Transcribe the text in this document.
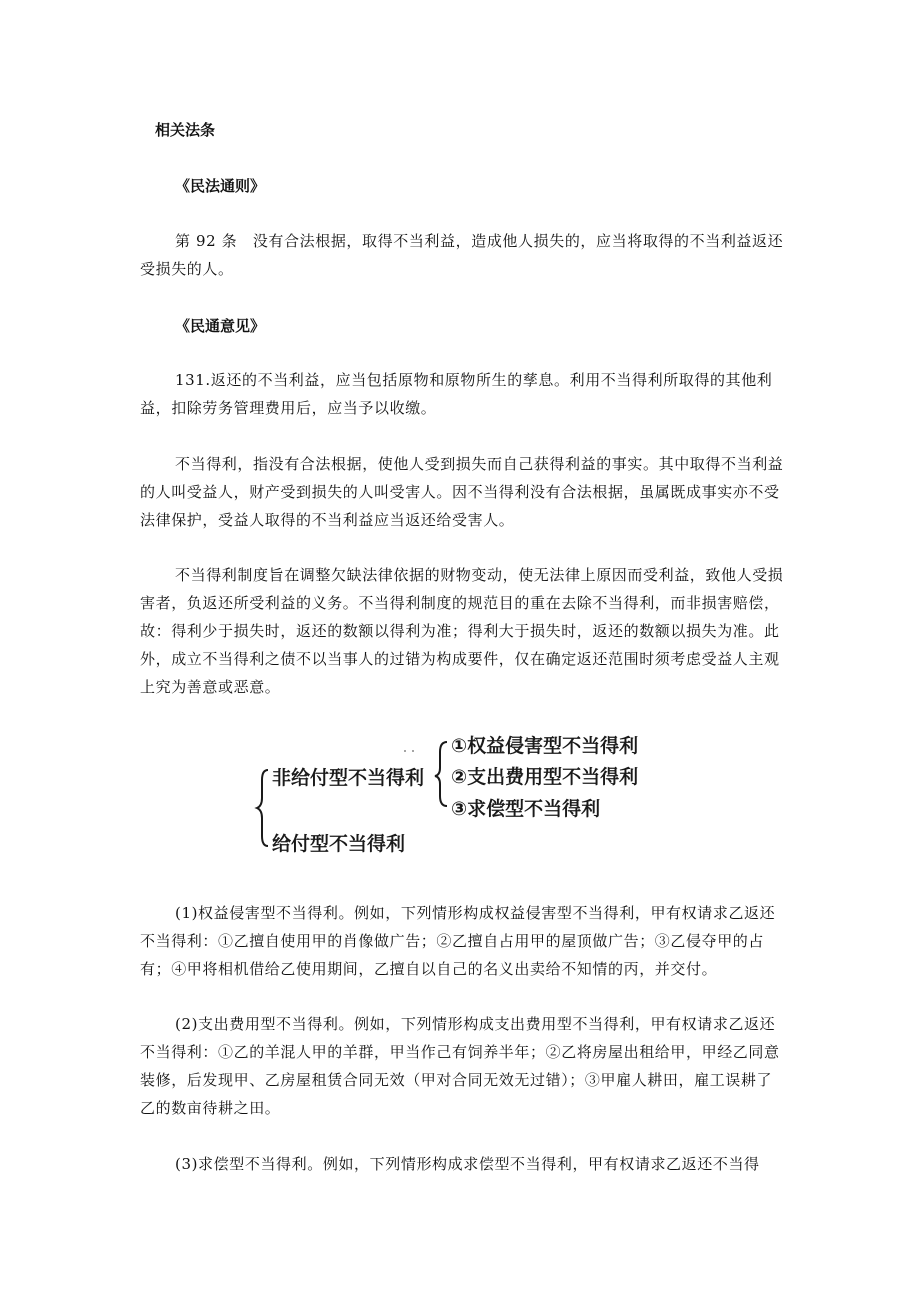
相关法条
《民法通则》

第 92 条　没有合法根据，取得不当利益，造成他人损失的，应当将取得的不当利益返还受损失的人。

《民通意见》

131.返还的不当利益，应当包括原物和原物所生的孳息。利用不当得利所取得的其他利益，扣除劳务管理费用后，应当予以收缴。

不当得利，指没有合法根据，使他人受到损失而自己获得利益的事实。其中取得不当利益的人叫受益人，财产受到损失的人叫受害人。因不当得利没有合法根据，虽属既成事实亦不受法律保护，受益人取得的不当利益应当返还给受害人。

不当得利制度旨在调整欠缺法律依据的财物变动，使无法律上原因而受利益，致他人受损害者，负返还所受利益的义务。不当得利制度的规范目的重在去除不当得利，而非损害赔偿，故：得利少于损失时，返还的数额以得利为准；得利大于损失时，返还的数额以损失为准。此外，成立不当得利之债不以当事人的过错为构成要件，仅在确定返还范围时须考虑受益人主观上究为善意或恶意。

非给付型不当得利
给付型不当得利
①权益侵害型不当得利
②支出费用型不当得利
③求偿型不当得利

(1)权益侵害型不当得利。例如，下列情形构成权益侵害型不当得利，甲有权请求乙返还不当得利：①乙擅自使用甲的肖像做广告；②乙擅自占用甲的屋顶做广告；③乙侵夺甲的占有；④甲将相机借给乙使用期间，乙擅自以自己的名义出卖给不知情的丙，并交付。

(2)支出费用型不当得利。例如，下列情形构成支出费用型不当得利，甲有权请求乙返还不当得利：①乙的羊混人甲的羊群，甲当作己有饲养半年；②乙将房屋出租给甲，甲经乙同意装修，后发现甲、乙房屋租赁合同无效（甲对合同无效无过错）；③甲雇人耕田，雇工误耕了乙的数亩待耕之田。

(3)求偿型不当得利。例如，下列情形构成求偿型不当得利，甲有权请求乙返还不当得
